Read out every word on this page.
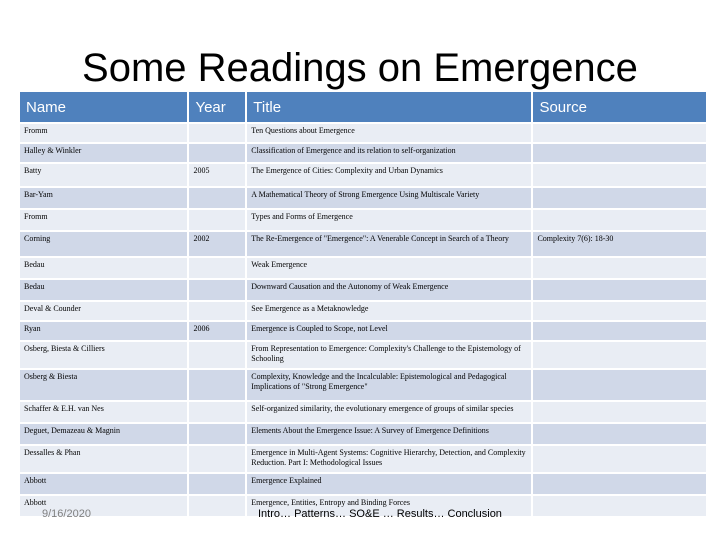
Some Readings on Emergence
Name	Year	Title	Source
Fromm		Ten Questions about Emergence	
Halley & Winkler		Classification of Emergence and its relation to self-organization	
Batty	2005	The Emergence of Cities: Complexity and Urban Dynamics	
Bar-Yam		A Mathematical Theory of Strong Emergence Using Multiscale Variety	
Fromm		Types and Forms of Emergence	
Corning	2002	The Re-Emergence of "Emergence": A Venerable Concept in Search of a Theory	Complexity 7(6): 18-30
Bedau		Weak Emergence	
Bedau		Downward Causation and the Autonomy of Weak Emergence	
Deval & Counder		See Emergence as a Metaknowledge	
Ryan	2006	Emergence is Coupled to Scope, not Level	
Osberg, Biesta & Cilliers		From Representation to Emergence: Complexity's Challenge to the Epistemology of Schooling	
Osberg & Biesta		Complexity, Knowledge and the Incalculable: Epistemological and Pedagogical Implications of "Strong Emergence"	
Schaffer & E.H. van Nes		Self-organized similarity, the evolutionary emergence of groups of similar species	
Deguet, Demazeau & Magnin		Elements About the Emergence Issue: A Survey of Emergence Definitions	
Dessalles & Phan		Emergence in Multi-Agent Systems: Cognitive Hierarchy, Detection, and Complexity Reduction. Part I: Methodological Issues	
Abbott		Emergence Explained	
Abbott		Emergence, Entities, Entropy and Binding Forces	
9/16/2020	Intro… Patterns… SO&E … Results… Conclusion
